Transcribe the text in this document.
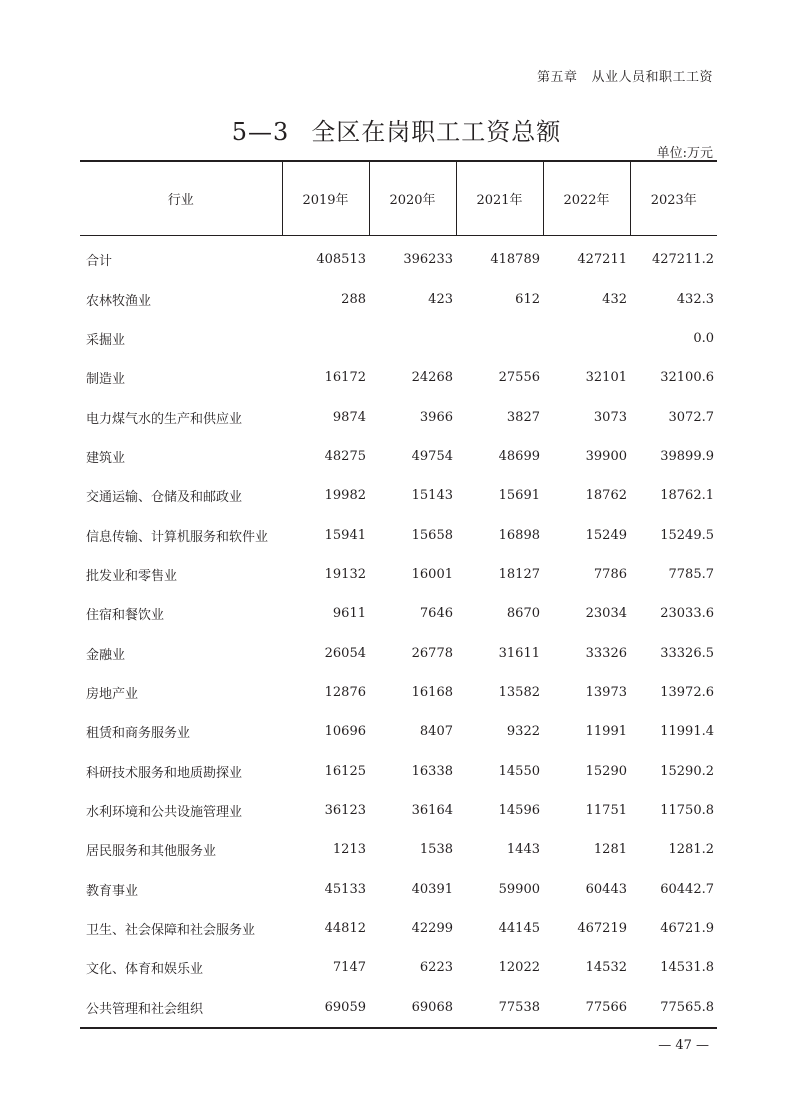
第五章 从业人员和职工工资
5—3 全区在岗职工工资总额
单位:万元
行业	2019年	2020年	2021年	2022年	2023年
合计	408513	396233	418789	427211	427211.2
农林牧渔业	288	423	612	432	432.3
采掘业					0.0
制造业	16172	24268	27556	32101	32100.6
电力煤气水的生产和供应业	9874	3966	3827	3073	3072.7
建筑业	48275	49754	48699	39900	39899.9
交通运输、仓储及和邮政业	19982	15143	15691	18762	18762.1
信息传输、计算机服务和软件业	15941	15658	16898	15249	15249.5
批发业和零售业	19132	16001	18127	7786	7785.7
住宿和餐饮业	9611	7646	8670	23034	23033.6
金融业	26054	26778	31611	33326	33326.5
房地产业	12876	16168	13582	13973	13972.6
租赁和商务服务业	10696	8407	9322	11991	11991.4
科研技术服务和地质勘探业	16125	16338	14550	15290	15290.2
水利环境和公共设施管理业	36123	36164	14596	11751	11750.8
居民服务和其他服务业	1213	1538	1443	1281	1281.2
教育事业	45133	40391	59900	60443	60442.7
卫生、社会保障和社会服务业	44812	42299	44145	467219	46721.9
文化、体育和娱乐业	7147	6223	12022	14532	14531.8
公共管理和社会组织	69059	69068	77538	77566	77565.8
— 47 —
